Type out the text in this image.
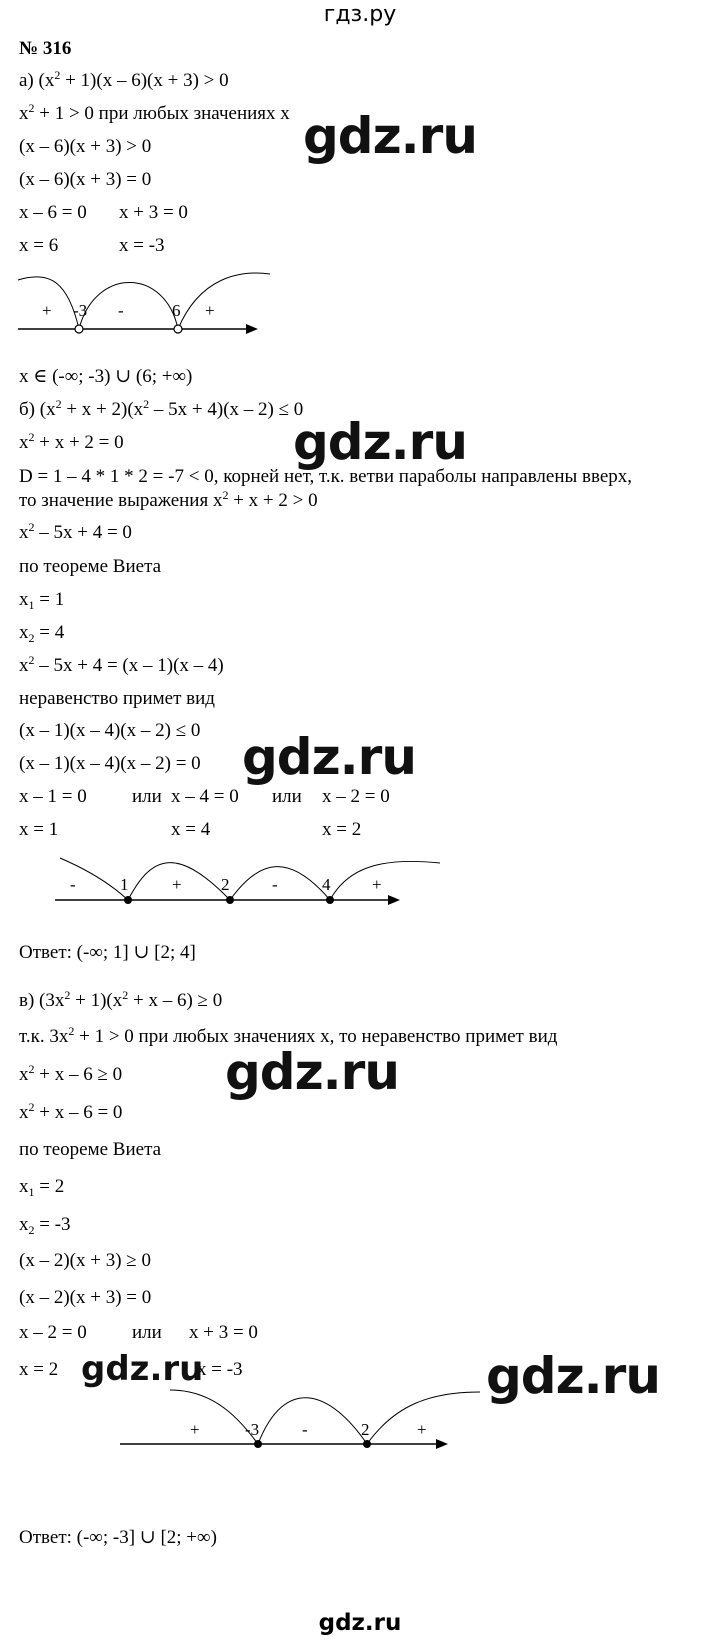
гдз.ру
№ 316
а) $(x^2 + 1)(x - 6)(x + 3) > 0$
$x^2 + 1 > 0$ при любых значениях x
(x – 6)(x + 3) > 0
(x – 6)(x + 3) = 0
x – 6 = 0 x + 3 = 0
x = 6	x = -3
+ -3 -	6 +
x ∈ (-∞; -3) ∪ (6; +∞)
б) $(x^2 + x + 2)(x^2 - 5x + 4)(x - 2) \le 0$
$x^2 + x + 2 = 0$
D = 1 – 4 * 1 * 2 = -7 < 0, корней нет, т.к. ветви параболы направлены вверх,
то значение выражения $x^2 + x + 2 > 0$
$x^2 - 5x + 4 = 0$
по теореме Виета
$x_1 = 1$
$x_2 = 4$
$x^2 - 5x + 4 = (x - 1)(x - 4)$
неравенство примет вид
(x – 1)(x – 4)(x – 2) ≤ 0
(x – 1)(x – 4)(x – 2) = 0
x – 1 = 0 или x – 4 = 0 или x – 2 = 0
x = 1	x = 4	x = 2
-	1	+ 2	-	4 +
Ответ: (-∞; 1] ∪ [2; 4]
в) $(3x^2 + 1)(x^2 + x - 6) \ge 0$
т.к. $3x^2 + 1 > 0$ при любых значениях x, то неравенство примет вид
$x^2 + x - 6 \ge 0$
$x^2 + x - 6 = 0$
по теореме Виета
$x_1 = 2$
$x_2 = -3$
(x – 2)(x + 3) ≥ 0
(x – 2)(x + 3) = 0
x – 2 = 0 или x + 3 = 0
x = 2	x = -3
+	-3	-	2	+
Ответ: (-∞; -3] ∪ [2; +∞)
gdz.ru
gdz.ru
gdz.ru
gdz.ru
gdz.ru	gdz.ru
gdz.ru
